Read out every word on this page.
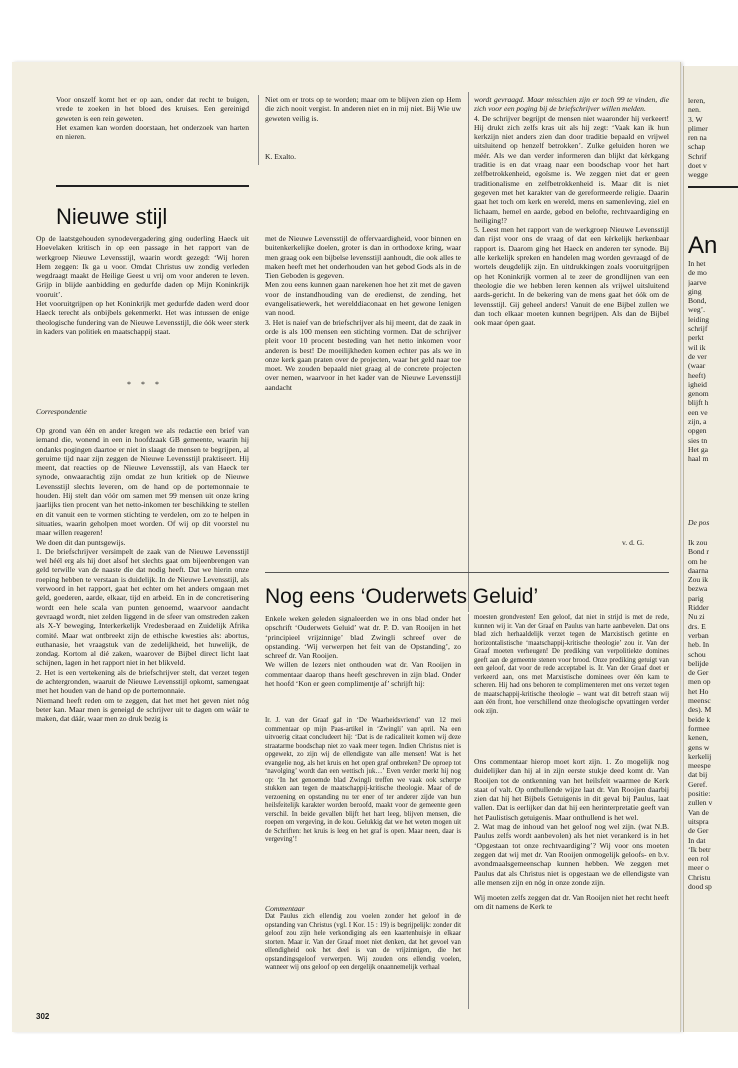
Voor onszelf komt het er op aan, onder dat recht te buigen, vrede te zoeken in het bloed des kruises. Een gereinigd geweten is een rein geweten.

Het examen kan worden doorstaan, het onderzoek van harten en nieren.

Niet om er trots op te worden; maar om te blijven zien op Hem die zich nooit vergist. In anderen niet en in mij niet. Bij Wie uw geweten veilig is.

K. Exalto.
Nieuwe stijl

Op de laatstgehouden synodevergadering ging ouderling Haeck uit Hoevelaken kritisch in op een passage in het rapport van de werkgroep Nieuwe Levensstijl, waarin wordt gezegd: ‘Wij horen Hem zeggen: Ik ga u voor. Omdat Christus uw zondig verleden wegdraagt maakt de Heilige Geest u vrij om voor anderen te leven. Grijp in blijde aanbidding en gedurfde daden op Mijn Koninkrijk vooruit’.

Het vooruitgrijpen op het Koninkrijk met gedurfde daden werd door Haeck terecht als onbijbels gekenmerkt. Het was intussen de enige theologische fundering van de Nieuwe Levensstijl, die óók weer sterk in kaders van politiek en maatschappij staat.

* * *
Correspondentie

Op grond van één en ander kregen we als redactie een brief van iemand die, wonend in een in hoofdzaak GB gemeente, waarin hij ondanks pogingen daartoe er niet in slaagt de mensen te begrijpen, al geruime tijd naar zijn zeggen de Nieuwe Levensstijl praktiseert. Hij meent, dat reacties op de Nieuwe Levensstijl, als van Haeck ter synode, onwaarachtig zijn omdat ze hun kritiek op de Nieuwe Levensstijl slechts leveren, om de hand op de portemonnaie te houden. Hij stelt dan vóór om samen met 99 mensen uit onze kring jaarlijks tien procent van het netto-inkomen ter beschikking te stellen en dit vanuit een te vormen stichting te verdelen, om zo te helpen in situaties, waarin geholpen moet worden. Of wij op dit voorstel nu maar willen reageren!

We doen dit dan puntsgewijs.

1. De briefschrijver versimpelt de zaak van de Nieuwe Levensstijl wel héél erg als hij doet alsof het slechts gaat om bijeenbrengen van geld terwille van de naaste die dat nodig heeft. Dat we hierin onze roeping hebben te verstaan is duidelijk. In de Nieuwe Levensstijl, als verwoord in het rapport, gaat het echter om het anders omgaan met geld, goederen, aarde, elkaar, tijd en arbeid. En in de concretisering wordt een hele scala van punten genoemd, waarvoor aandacht gevraagd wordt, niet zelden liggend in de sfeer van omstreden zaken als X-Y beweging, Interkerkelijk Vredesberaad en Zuidelijk Afrika comité. Maar wat ontbreekt zijn de ethische kwesties als: abortus, euthanasie, het vraagstuk van de zedelijkheid, het huwelijk, de zondag. Kortom al dié zaken, waarover de Bijbel direct licht laat schijnen, lagen in het rapport niet in het blikveld.

2. Het is een vertekening als de briefschrijver stelt, dat verzet tegen de achtergronden, waaruit de Nieuwe Levensstijl opkomt, samengaat met het houden van de hand op de portemonnaie.

Niemand heeft reden om te zeggen, dat het met het geven niet nóg beter kan. Maar men is geneigd de schrijver uit te dagen om wáár te maken, dat dáár, waar men zo druk bezig is

met de Nieuwe Levensstijl de offervaardigheid, voor binnen en buitenkerkelijke doelen, groter is dan in orthodoxe kring, waar men graag ook een bijbelse levensstijl aanhoudt, die ook alles te maken heeft met het onderhouden van het gebod Gods als in de Tien Geboden is gegeven.

Men zou eens kunnen gaan narekenen hoe het zit met de gaven voor de instandhouding van de eredienst, de zending, het evangelisatiewerk, het werelddiaconaat en het gewone lenigen van nood.

3. Het is naief van de briefschrijver als hij meent, dat de zaak in orde is als 100 mensen een stichting vormen. Dat de schrijver pleit voor 10 procent besteding van het netto inkomen voor anderen is best! De moeilijkheden komen echter pas als we in onze kerk gaan praten over de projecten, waar het geld naar toe moet. We zouden bepaald niet graag al de concrete projecten over nemen, waarvoor in het kader van de Nieuwe Levensstijl aandacht

wordt gevraagd. Maar misschien zijn er toch 99 te vinden, die zich voor een poging bij de briefschrijver willen melden.

4. De schrijver begrijpt de mensen niet waaronder hij verkeert! Hij drukt zich zelfs kras uit als hij zegt: ‘Vaak kan ik hun kerkzijn niet anders zien dan door traditie bepaald en vrijwel uitsluitend op henzelf betrokken’. Zulke geluiden horen we méér. Als we dan verder informeren dan blijkt dat kèrkgang traditie is en dat vraag naar een boodschap voor het hart zelfbetrokkenheid, egoïsme is. We zeggen niet dat er geen traditionalisme en zelfbetrokkenheid is. Maar dit is niet gegeven met het karakter van de gereformeerde religie. Daarin gaat het toch om kerk en wereld, mens en samenleving, ziel en lichaam, hemel en aarde, gebod en belofte, rechtvaardiging en heiliging!?

5. Leest men het rapport van de werkgroep Nieuwe Levensstijl dan rijst voor ons de vraag of dat een kèrkelijk herkenbaar rapport is. Daarom ging het Haeck en anderen ter synode. Bij alle kerkelijk spreken en handelen mag worden gevraagd of de wortels deugdelijk zijn. En uitdrukkingen zoals vooruitgrijpen op het Koninkrijk vormen al te zeer de grondlijnen van een theologie die we hebben leren kennen als vrijwel uitsluitend aards-gericht. In de bekering van de mens gaat het óók om de levensstijl. Gij geheel anders! Vanuit de ene Bijbel zullen we dan toch elkaar moeten kunnen begrijpen. Als dan de Bijbel ook maar ópen gaat.

v. d. G.
Nog eens ‘Ouderwets Geluid’

Enkele weken geleden signaleerden we in ons blad onder het opschrift ‘Ouderwets Geluid’ wat dr. P. D. van Rooijen in het ‘principieel vrijzinnige’ blad Zwingli schreef over de opstanding. ‘Wij verwerpen het feit van de Opstanding’, zo schreef dr. Van Rooijen.

We willen de lezers niet onthouden wat dr. Van Rooijen in commentaar daarop thans heeft geschreven in zijn blad. Onder het hoofd ‘Kon er geen complimentje af’ schrijft hij:

Ir. J. van der Graaf gaf in ‘De Waarheidsvriend’ van 12 mei commentaar op mijn Paas-artikel in ‘Zwingli’ van april. Na een uitvoerig citaat concludeert hij: ‘Dat is de radicaliteit komen wij deze straatarme boodschap niet zo vaak meer tegen. Indien Christus niet is opgewekt, zo zijn wij de ellendigste van alle mensen! Wat is het evangelie nog, als het kruis en het open graf ontbreken? De oproep tot ‘navolging’ wordt dan een wettisch juk…’ Even verder merkt hij nog op: ‘In het genoemde blad Zwingli treffen we vaak ook scherpe stukken aan tegen de maatschappij-kritische theologie. Maar of de verzoening en opstanding nu ter ener of ter anderer zijde van hun heilsfeitelijk karakter worden beroofd, maakt voor de gemeente geen verschil. In beide gevallen blijft het hart leeg, blijven mensen, die roepen om vergeving, in de kou. Gelukkig dat we het weten mogen uit de Schriften: het kruis is leeg en het graf is open. Maar neen, daar is vergeving’!

Commentaar

Dat Paulus zich ellendig zou voelen zonder het geloof in de opstanding van Christus (vgl. I Kor. 15 : 19) is begrijpelijk: zonder dit geloof zou zijn hele verkondiging als een kaartenhuisje in elkaar storten. Maar ir. Van der Graaf moet niet denken, dat het gevoel van ellendigheid ook het deel is van de vrijzinnigen, die het opstandingsgeloof verwerpen. Wij zouden ons ellendig voelen, wanneer wij ons geloof op een dergelijk onaannemelijk verhaal

moesten grondvesten! Een geloof, dat niet in strijd is met de rede, kunnen wij ir. Van der Graaf en Paulus van harte aanbevelen. Dat ons blad zich herhaaldelijk verzet tegen de Marxistisch getinte en horizontalistische ‘maatschappij-kritische theologie’ zou ir. Van der Graaf moeten verheugen! De prediking van verpolitiekte domines geeft aan de gemeente stenen voor brood. Onze prediking getuigt van een geloof, dat voor de rede acceptabel is. Ir. Van der Graaf doet er verkeerd aan, ons met Marxistische dominees over één kam te scheren. Hij had ons behoren te complimenteren met ons verzet tegen de maatschappij-kritische theologie – want wat dit betreft staan wij aan één front, hoe verschillend onze theologische opvattingen verder ook zijn.

Ons commentaar hierop moet kort zijn. 1. Zo mogelijk nog duidelijker dan hij al in zijn eerste stukje deed komt dr. Van Rooijen tot de ontkenning van het heilsfeit waarmee de Kerk staat of valt. Op onthullende wijze laat dr. Van Rooijen daarbij zien dat hij het Bijbels Getuigenis in dit geval bij Paulus, laat vallen. Dat is eerlijker dan dat hij een herinterpretatie geeft van het Paulistisch getuigenis. Maar onthullend is het wel.

2. Wat mag de inhoud van het geloof nog wel zijn. (wat N.B. Paulus zelfs wordt aanbevolen) als het niet verankerd is in het ‘Opgestaan tot onze rechtvaardiging’? Wij voor ons moeten zeggen dat wij met dr. Van Rooijen onmogelijk geloofs- en b.v. avondmaalsgemeenschap kunnen hebben. We zeggen met Paulus dat als Christus niet is opgestaan we de ellendigste van alle mensen zijn en nóg in onze zonde zijn.

Wij moeten zelfs zeggen dat dr. Van Rooijen niet het recht heeft om dit namens de Kerk te

302

leren,

nen.

3. W

plimer

ren na

schap

Schrif

doet v

wegge

An

In het

de mo

jaarve

ging

Bond,

weg’.

leiding

schrijf

perkt

wil ik

de ver

(waar

heeft)

igheid

genom

blijft h

een ve

zijn, a

opgen

sies tn

Het ga

haal m

De pos

Ik zou

Bond r

om he

daarna

Zou ik

bezwa

parig

Ridder

Nu zi

drs. E

verban

heb. In

schou

belijde

de Ger

men op

het Ho

meensc

des). M

beide k

formee

kenen,

gens w

kerkelij

meespe

dat bij

Geref.

positie:

zullen v

Van de

uitspra

de Ger

In dat

‘Ik betr

een rol

meer o

Christu

dood sp
